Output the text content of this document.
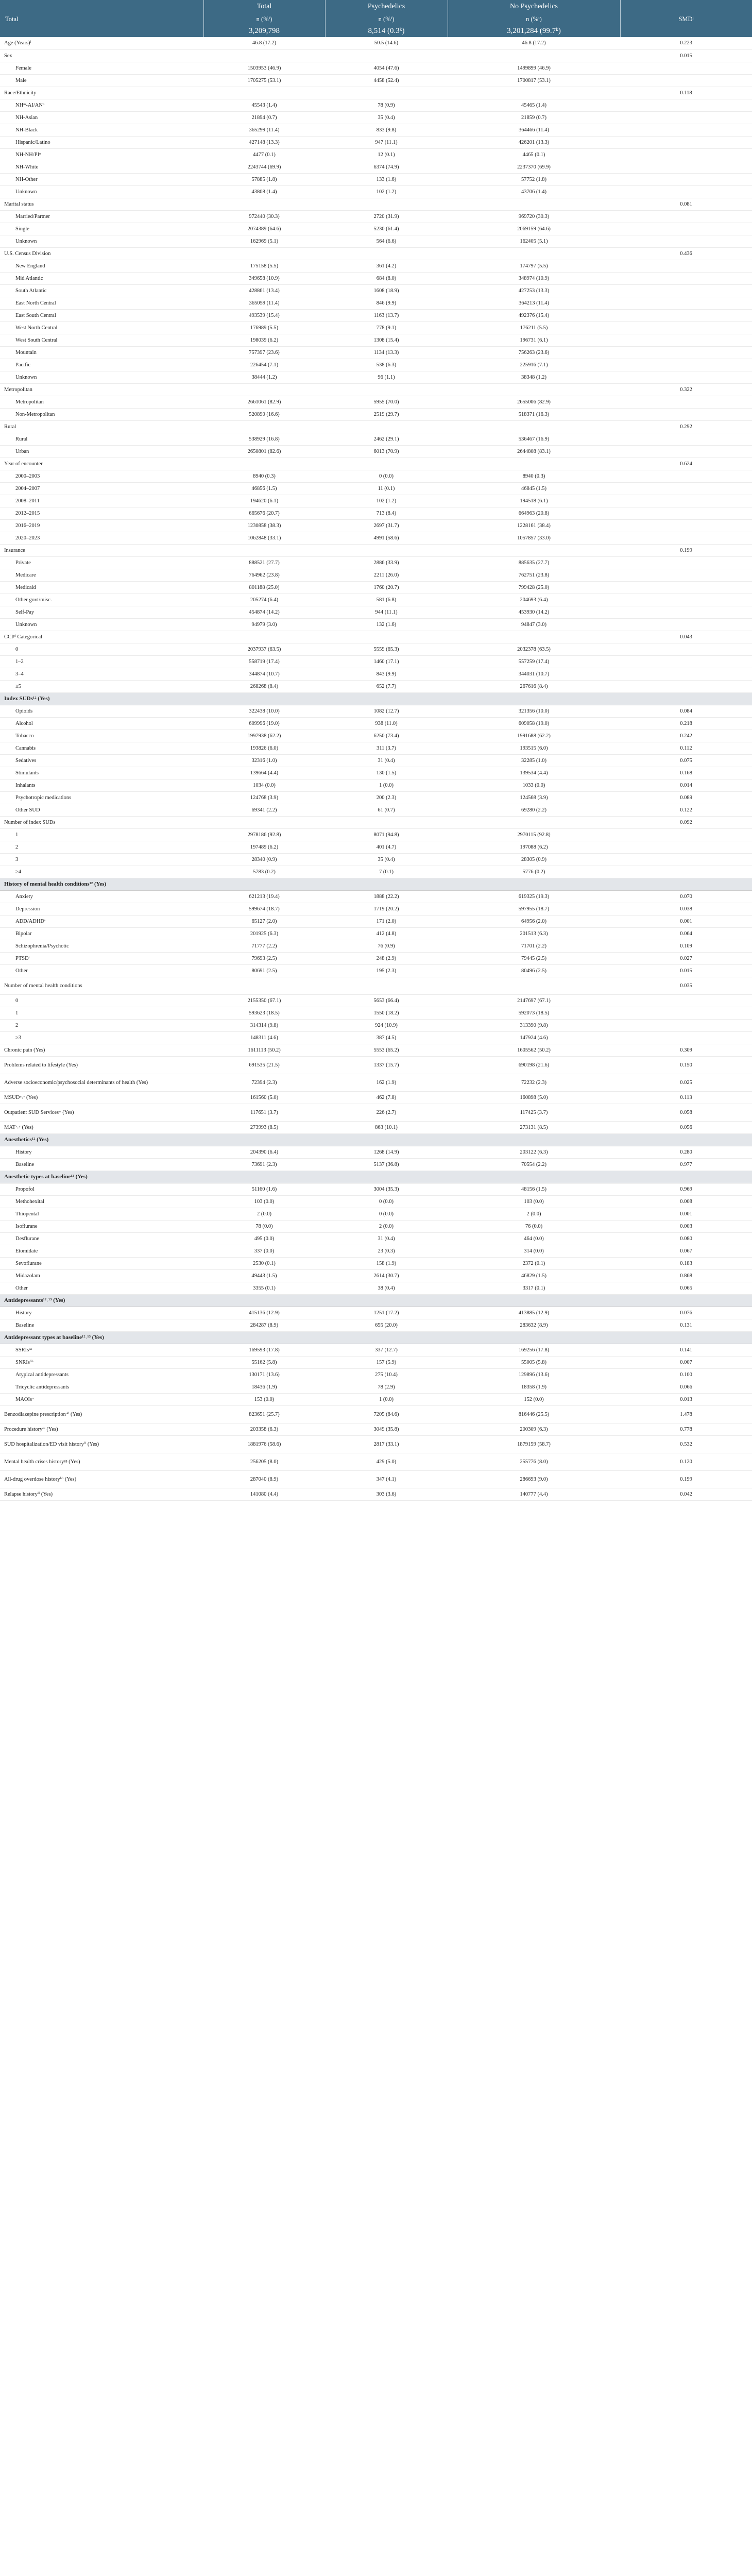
	Total	Psychedelics	No Psychedelics	
Total	n (%ⁱ)	n (%ⁱ)	n (%ⁱ)	SMDʲ
	3,209,798	8,514 (0.3ᵏ)	3,201,284 (99.7ᵏ)	
Age (Years)ˡ	46.8 (17.2)	50.5 (14.6)	46.8 (17.2)	0.223
Sex				0.015
Female	1503953 (46.9)	4054 (47.6)	1499899 (46.9)	
Male	1705275 (53.1)	4458 (52.4)	1700817 (53.1)	
Race/Ethnicity				0.118
NHᵐ-AI/ANⁿ	45543 (1.4)	78 (0.9)	45465 (1.4)	
NH-Asian	21894 (0.7)	35 (0.4)	21859 (0.7)	
NH-Black	365299 (11.4)	833 (9.8)	364466 (11.4)	
Hispanic/Latino	427148 (13.3)	947 (11.1)	426201 (13.3)	
NH-NH/PIᵒ	4477 (0.1)	12 (0.1)	4465 (0.1)	
NH-White	2243744 (69.9)	6374 (74.9)	2237370 (69.9)	
NH-Other	57885 (1.8)	133 (1.6)	57752 (1.8)	
Unknown	43808 (1.4)	102 (1.2)	43706 (1.4)	
Marital status				0.081
Married/Partner	972440 (30.3)	2720 (31.9)	969720 (30.3)	
Single	2074389 (64.6)	5230 (61.4)	2069159 (64.6)	
Unknown	162969 (5.1)	564 (6.6)	162405 (5.1)	
U.S. Census Division				0.436
New England	175158 (5.5)	361 (4.2)	174797 (5.5)	
Mid Atlantic	349658 (10.9)	684 (8.0)	348974 (10.9)	
South Atlantic	428861 (13.4)	1608 (18.9)	427253 (13.3)	
East North Central	365059 (11.4)	846 (9.9)	364213 (11.4)	
East South Central	493539 (15.4)	1163 (13.7)	492376 (15.4)	
West North Central	176989 (5.5)	778 (9.1)	176211 (5.5)	
West South Central	198039 (6.2)	1308 (15.4)	196731 (6.1)	
Mountain	757397 (23.6)	1134 (13.3)	756263 (23.6)	
Pacific	226454 (7.1)	538 (6.3)	225916 (7.1)	
Unknown	38444 (1.2)	96 (1.1)	38348 (1.2)	
Metropolitan				0.322
Metropolitan	2661061 (82.9)	5955 (70.0)	2655006 (82.9)	
Non-Metropolitan	520890 (16.6)	2519 (29.7)	518371 (16.3)	
Rural				0.292
Rural	538929 (16.8)	2462 (29.1)	536467 (16.9)	
Urban	2650801 (82.6)	6013 (70.9)	2644808 (83.1)	
Year of encounter				0.624
2000–2003	8940 (0.3)	0 (0.0)	8940 (0.3)	
2004–2007	46856 (1.5)	11 (0.1)	46845 (1.5)	
2008–2011	194620 (6.1)	102 (1.2)	194518 (6.1)	
2012–2015	665676 (20.7)	713 (8.4)	664963 (20.8)	
2016–2019	1230858 (38.3)	2697 (31.7)	1228161 (38.4)	
2020–2023	1062848 (33.1)	4991 (58.6)	1057857 (33.0)	
Insurance				0.199
Private	888521 (27.7)	2886 (33.9)	885635 (27.7)	
Medicare	764962 (23.8)	2211 (26.0)	762751 (23.8)	
Medicaid	801188 (25.0)	1760 (20.7)	799428 (25.0)	
Other govt/misc.	205274 (6.4)	581 (6.8)	204693 (6.4)	
Self-Pay	454874 (14.2)	944 (11.1)	453930 (14.2)	
Unknown	94979 (3.0)	132 (1.6)	94847 (3.0)	
CCIᵖⁱ Categorical				0.043
0	2037937 (63.5)	5559 (65.3)	2032378 (63.5)	
1–2	558719 (17.4)	1460 (17.1)	557259 (17.4)	
3–4	344874 (10.7)	843 (9.9)	344031 (10.7)	
≥5	268268 (8.4)	652 (7.7)	267616 (8.4)	
Index SUDs¹² (Yes)				
Opioids	322438 (10.0)	1082 (12.7)	321356 (10.0)	0.084
Alcohol	609996 (19.0)	938 (11.0)	609058 (19.0)	0.218
Tobacco	1997938 (62.2)	6250 (73.4)	1991688 (62.2)	0.242
Cannabis	193826 (6.0)	311 (3.7)	193515 (6.0)	0.112
Sedatives	32316 (1.0)	31 (0.4)	32285 (1.0)	0.075
Stimulants	139664 (4.4)	130 (1.5)	139534 (4.4)	0.168
Inhalants	1034 (0.0)	1 (0.0)	1033 (0.0)	0.014
Psychotropic medications	124768 (3.9)	200 (2.3)	124568 (3.9)	0.089
Other SUD	69341 (2.2)	61 (0.7)	69280 (2.2)	0.122
Number of index SUDs				0.092
1	2978186 (92.8)	8071 (94.8)	2970115 (92.8)	
2	197489 (6.2)	401 (4.7)	197088 (6.2)	
3	28340 (0.9)	35 (0.4)	28305 (0.9)	
≥4	5783 (0.2)	7 (0.1)	5776 (0.2)	
History of mental health conditions¹² (Yes)				
Anxiety	621213 (19.4)	1888 (22.2)	619325 (19.3)	0.070
Depression	599674 (18.7)	1719 (20.2)	597955 (18.7)	0.038
ADD/ADHDˢ	65127 (2.0)	171 (2.0)	64956 (2.0)	0.001
Bipolar	201925 (6.3)	412 (4.8)	201513 (6.3)	0.064
Schizophrenia/Psychotic	71777 (2.2)	76 (0.9)	71701 (2.2)	0.109
PTSDᵗ	79693 (2.5)	248 (2.9)	79445 (2.5)	0.027
Other	80691 (2.5)	195 (2.3)	80496 (2.5)	0.015
Number of mental health conditions				0.035
0	2155350 (67.1)	5653 (66.4)	2147697 (67.1)	
1	593623 (18.5)	1550 (18.2)	592073 (18.5)	
2	314314 (9.8)	924 (10.9)	313390 (9.8)	
≥3	148311 (4.6)	387 (4.5)	147924 (4.6)	
Chronic pain (Yes)	1611113 (50.2)	5553 (65.2)	1605562 (50.2)	0.309
Problems related to lifestyle (Yes)	691535 (21.5)	1337 (15.7)	690198 (21.6)	0.150
Adverse socioeconomic/psychosocial determinants of health (Yes)	72394 (2.3)	162 (1.9)	72232 (2.3)	0.025
MSUDᵘ˒ᵛ (Yes)	161560 (5.0)	462 (7.8)	160898 (5.0)	0.113
Outpatient SUD Servicesʷ (Yes)	117651 (3.7)	226 (2.7)	117425 (3.7)	0.058
MATˣ˒ʸ (Yes)	273993 (8.5)	863 (10.1)	273131 (8.5)	0.056
Anesthetics¹² (Yes)				
History	204390 (6.4)	1268 (14.9)	203122 (6.3)	0.280
Baseline	73691 (2.3)	5137 (36.8)	70554 (2.2)	0.977
Anesthetic types at baseline¹² (Yes)				
Propofol	51160 (1.6)	3004 (35.3)	48156 (1.5)	0.969
Methohexital	103 (0.0)	0 (0.0)	103 (0.0)	0.008
Thiopental	2 (0.0)	0 (0.0)	2 (0.0)	0.001
Isoflurane	78 (0.0)	2 (0.0)	76 (0.0)	0.003
Desflurane	495 (0.0)	31 (0.4)	464 (0.0)	0.080
Etomidate	337 (0.0)	23 (0.3)	314 (0.0)	0.067
Sevoflurane	2530 (0.1)	158 (1.9)	2372 (0.1)	0.183
Midazolam	49443 (1.5)	2614 (30.7)	46829 (1.5)	0.868
Other	3355 (0.1)	38 (0.4)	3317 (0.1)	0.065
Antidepressants¹²˒¹³ (Yes)				
History	415136 (12.9)	1251 (17.2)	413885 (12.9)	0.076
Baseline	284287 (8.9)	655 (20.0)	283632 (8.9)	0.131
Antidepressant types at baseline¹²˒¹³ (Yes)				
SSRIsᵃᵃ	169593 (17.8)	337 (12.7)	169256 (17.8)	0.141
SNRIsᵇᵇ	55162 (5.8)	157 (5.9)	55005 (5.8)	0.007
Atypical antidepressants	130171 (13.6)	275 (10.4)	129896 (13.6)	0.100
Tricyclic antidepressants	18436 (1.9)	78 (2.9)	18358 (1.9)	0.066
MAOIsᶜᶜ	153 (0.0)	1 (0.0)	152 (0.0)	0.013
Benzodiazepine prescriptionᵈᵈ (Yes)	823651 (25.7)	7205 (84.6)	816446 (25.5)	1.478
Procedure historyᵉᵉ (Yes)	203358 (6.3)	3049 (35.8)	200309 (6.3)	0.778
SUD hospitalization/ED visit historyᶠᶠ (Yes)	1881976 (58.6)	2817 (33.1)	1879159 (58.7)	0.532
Mental health crises historyᵍᵍ (Yes)	256205 (8.0)	429 (5.0)	255776 (8.0)	0.120
All-drug overdose historyʰʰ (Yes)	287040 (8.9)	347 (4.1)	286693 (9.0)	0.199
Relapse historyⁱⁱ (Yes)	141080 (4.4)	303 (3.6)	140777 (4.4)	0.042
